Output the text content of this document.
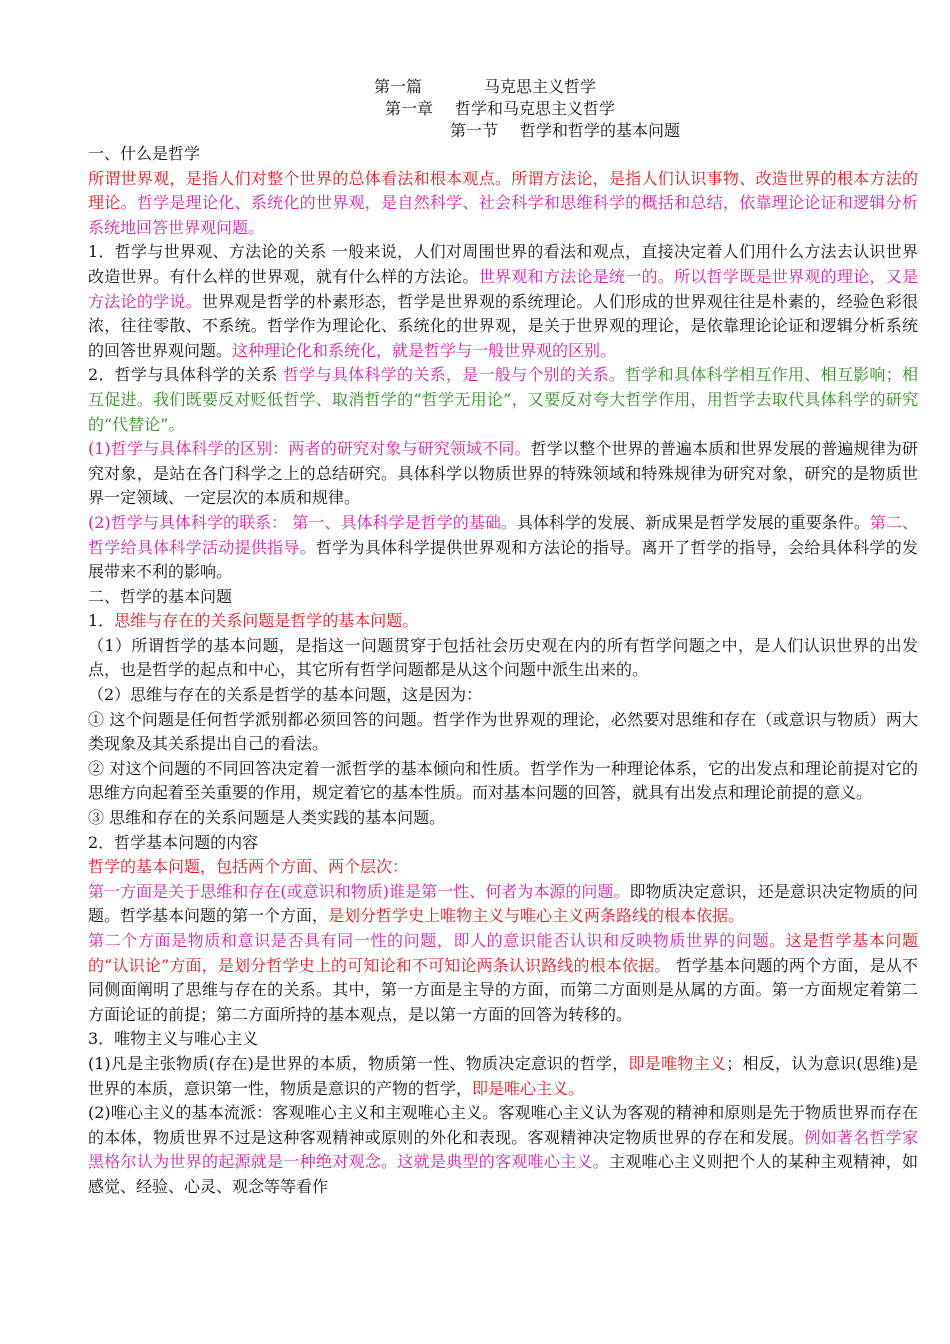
第一篇	马克思主义哲学
第一章 哲学和马克思主义哲学
第一节 哲学和哲学的基本问题
一、什么是哲学

所谓世界观，是指人们对整个世界的总体看法和根本观点。所谓方法论，是指人们认识事物、改造世界的根本方法的理论。哲学是理论化、系统化的世界观，是自然科学、社会科学和思维科学的概括和总结，依靠理论论证和逻辑分析系统地回答世界观问题。

1．哲学与世界观、方法论的关系 一般来说，人们对周围世界的看法和观点，直接决定着人们用什么方法去认识世界改造世界。有什么样的世界观，就有什么样的方法论。世界观和方法论是统一的。所以哲学既是世界观的理论，又是方法论的学说。世界观是哲学的朴素形态，哲学是世界观的系统理论。人们形成的世界观往往是朴素的，经验色彩很浓，往往零散、不系统。哲学作为理论化、系统化的世界观，是关于世界观的理论，是依靠理论论证和逻辑分析系统的回答世界观问题。这种理论化和系统化，就是哲学与一般世界观的区别。

2．哲学与具体科学的关系 哲学与具体科学的关系，是一般与个别的关系。哲学和具体科学相互作用、相互影响；相互促进。我们既要反对贬低哲学、取消哲学的“哲学无用论”，又要反对夸大哲学作用，用哲学去取代具体科学的研究的“代替论”。

(1)哲学与具体科学的区别：两者的研究对象与研究领域不同。哲学以整个世界的普遍本质和世界发展的普遍规律为研究对象，是站在各门科学之上的总结研究。具体科学以物质世界的特殊领域和特殊规律为研究对象，研究的是物质世界一定领域、一定层次的本质和规律。

(2)哲学与具体科学的联系： 第一、具体科学是哲学的基础。具体科学的发展、新成果是哲学发展的重要条件。第二、哲学给具体科学活动提供指导。哲学为具体科学提供世界观和方法论的指导。离开了哲学的指导，会给具体科学的发展带来不利的影响。

二、哲学的基本问题

1．思维与存在的关系问题是哲学的基本问题。

（1）所谓哲学的基本问题，是指这一问题贯穿于包括社会历史观在内的所有哲学问题之中，是人们认识世界的出发点，也是哲学的起点和中心，其它所有哲学问题都是从这个问题中派生出来的。

（2）思维与存在的关系是哲学的基本问题，这是因为：

① 这个问题是任何哲学派别都必须回答的问题。哲学作为世界观的理论，必然要对思维和存在（或意识与物质）两大类现象及其关系提出自己的看法。

② 对这个问题的不同回答决定着一派哲学的基本倾向和性质。哲学作为一种理论体系，它的出发点和理论前提对它的思维方向起着至关重要的作用，规定着它的基本性质。而对基本问题的回答，就具有出发点和理论前提的意义。

③ 思维和存在的关系问题是人类实践的基本问题。

2．哲学基本问题的内容

哲学的基本问题，包括两个方面、两个层次：

第一方面是关于思维和存在(或意识和物质)谁是第一性、何者为本源的问题。即物质决定意识，还是意识决定物质的问题。哲学基本问题的第一个方面，是划分哲学史上唯物主义与唯心主义两条路线的根本依据。

第二个方面是物质和意识是否具有同一性的问题，即人的意识能否认识和反映物质世界的问题。这是哲学基本问题的“认识论”方面，是划分哲学史上的可知论和不可知论两条认识路线的根本依据。 哲学基本问题的两个方面，是从不同侧面阐明了思维与存在的关系。其中，第一方面是主导的方面，而第二方面则是从属的方面。第一方面规定着第二方面论证的前提；第二方面所持的基本观点，是以第一方面的回答为转移的。

3．唯物主义与唯心主义

(1)凡是主张物质(存在)是世界的本质，物质第一性、物质决定意识的哲学，即是唯物主义；相反，认为意识(思维)是世界的本质，意识第一性，物质是意识的产物的哲学，即是唯心主义。

(2)唯心主义的基本流派：客观唯心主义和主观唯心主义。客观唯心主义认为客观的精神和原则是先于物质世界而存在的本体，物质世界不过是这种客观精神或原则的外化和表现。客观精神决定物质世界的存在和发展。例如著名哲学家黑格尔认为世界的起源就是一种绝对观念。这就是典型的客观唯心主义。主观唯心主义则把个人的某种主观精神，如感觉、经验、心灵、观念等等看作
